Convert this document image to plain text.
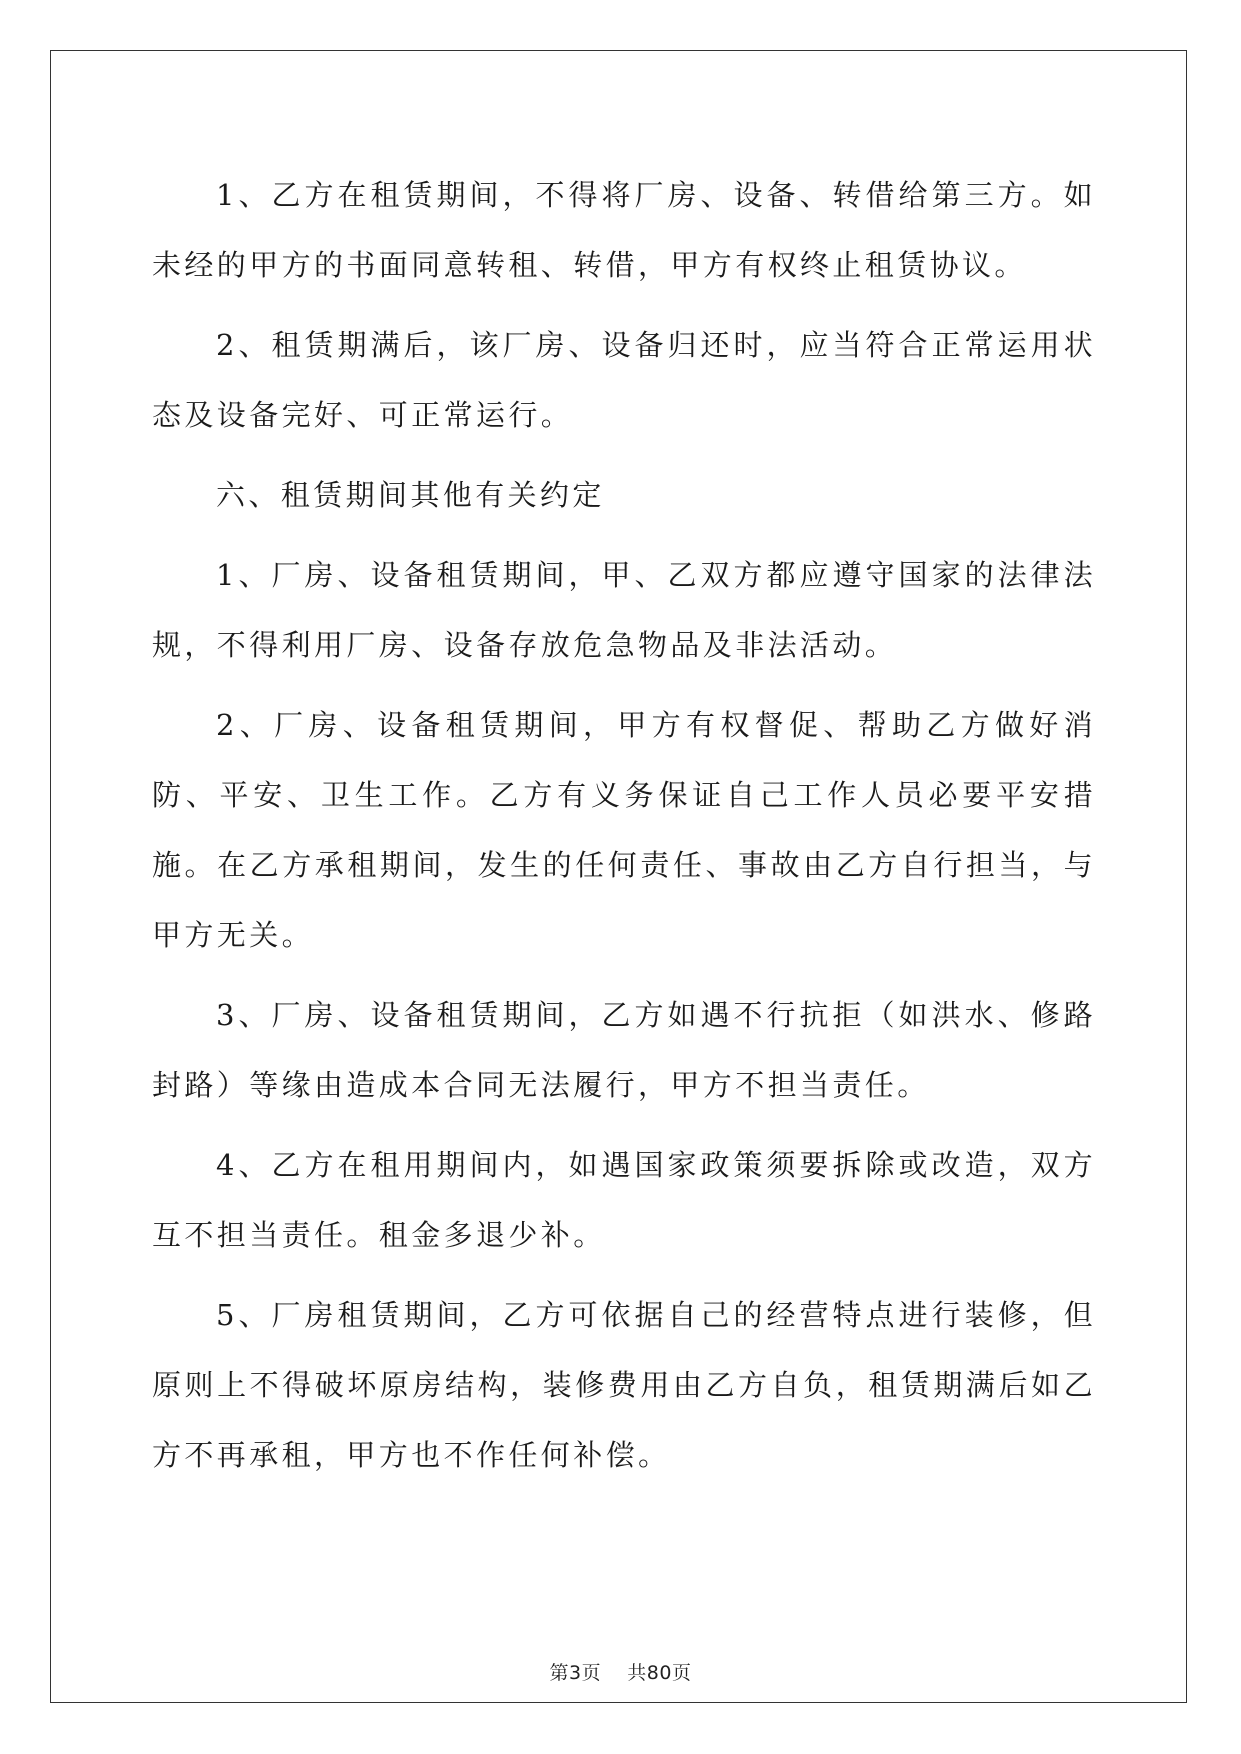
1、乙方在租赁期间，不得将厂房、设备、转借给第三方。如未经的甲方的书面同意转租、转借，甲方有权终止租赁协议。

2、租赁期满后，该厂房、设备归还时，应当符合正常运用状态及设备完好、可正常运行。

六、租赁期间其他有关约定

1、厂房、设备租赁期间，甲、乙双方都应遵守国家的法律法规，不得利用厂房、设备存放危急物品及非法活动。

2、厂房、设备租赁期间，甲方有权督促、帮助乙方做好消防、平安、卫生工作。乙方有义务保证自己工作人员必要平安措施。在乙方承租期间，发生的任何责任、事故由乙方自行担当，与甲方无关。

3、厂房、设备租赁期间，乙方如遇不行抗拒（如洪水、修路封路）等缘由造成本合同无法履行，甲方不担当责任。

4、乙方在租用期间内，如遇国家政策须要拆除或改造，双方互不担当责任。租金多退少补。

5、厂房租赁期间，乙方可依据自己的经营特点进行装修，但原则上不得破坏原房结构，装修费用由乙方自负，租赁期满后如乙方不再承租，甲方也不作任何补偿。

第3页 共80页
